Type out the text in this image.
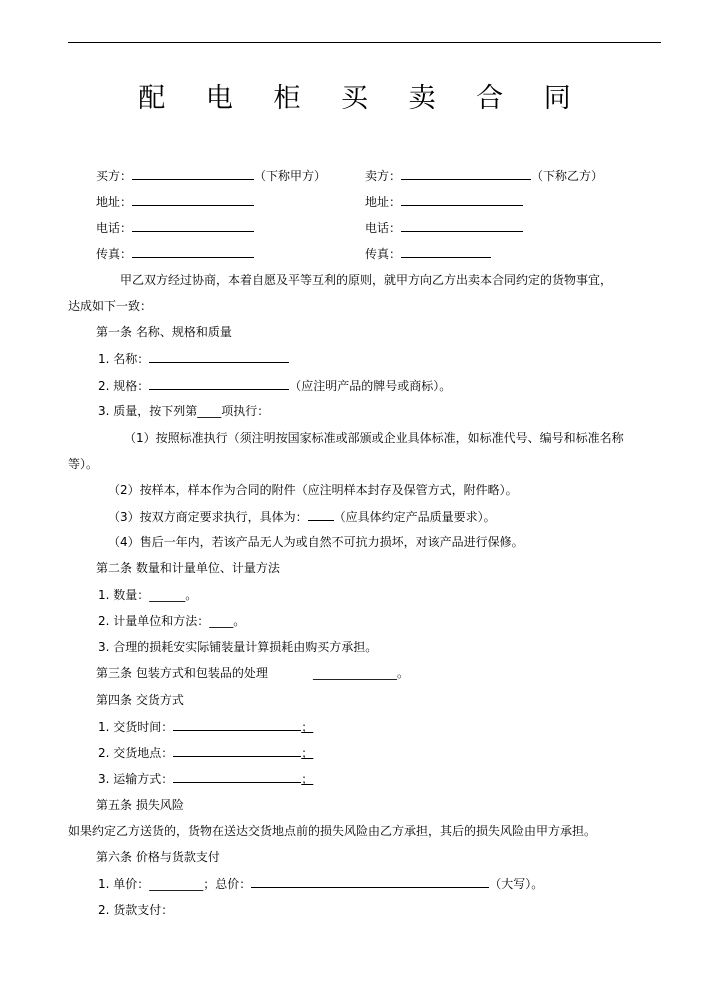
配 电 柜 买 卖 合 同
买方：	（下称甲方）	卖方：	（下称乙方）
地址：	地址：
电话：	电话：
传真：	传真：
甲乙双方经过协商，本着自愿及平等互利的原则，就甲方向乙方出卖本合同约定的货物事宜，
达成如下一致：
第一条 名称、规格和质量
1. 名称：
2. 规格：	（应注明产品的牌号或商标）。
3. 质量，按下列第____项执行：
（1）按照标准执行（须注明按国家标准或部颁或企业具体标准，如标准代号、编号和标准名称
等）。
（2）按样本，样本作为合同的附件（应注明样本封存及保管方式，附件略）。
（3）按双方商定要求执行，具体为： （应具体约定产品质量要求）。
（4）售后一年内，若该产品无人为或自然不可抗力损坏，对该产品进行保修。
第二条 数量和计量单位、计量方法
1. 数量：______。
2. 计量单位和方法：____。
3. 合理的损耗安实际铺装量计算损耗由购买方承担。
第三条 包装方式和包装品的处理	______________。
第四条 交货方式
1. 交货时间：	；
2. 交货地点：	；
3. 运输方式：	；
第五条 损失风险
如果约定乙方送货的，货物在送达交货地点前的损失风险由乙方承担，其后的损失风险由甲方承担。
第六条 价格与货款支付
1. 单价：_________；总价：	（大写）。
2. 货款支付：
